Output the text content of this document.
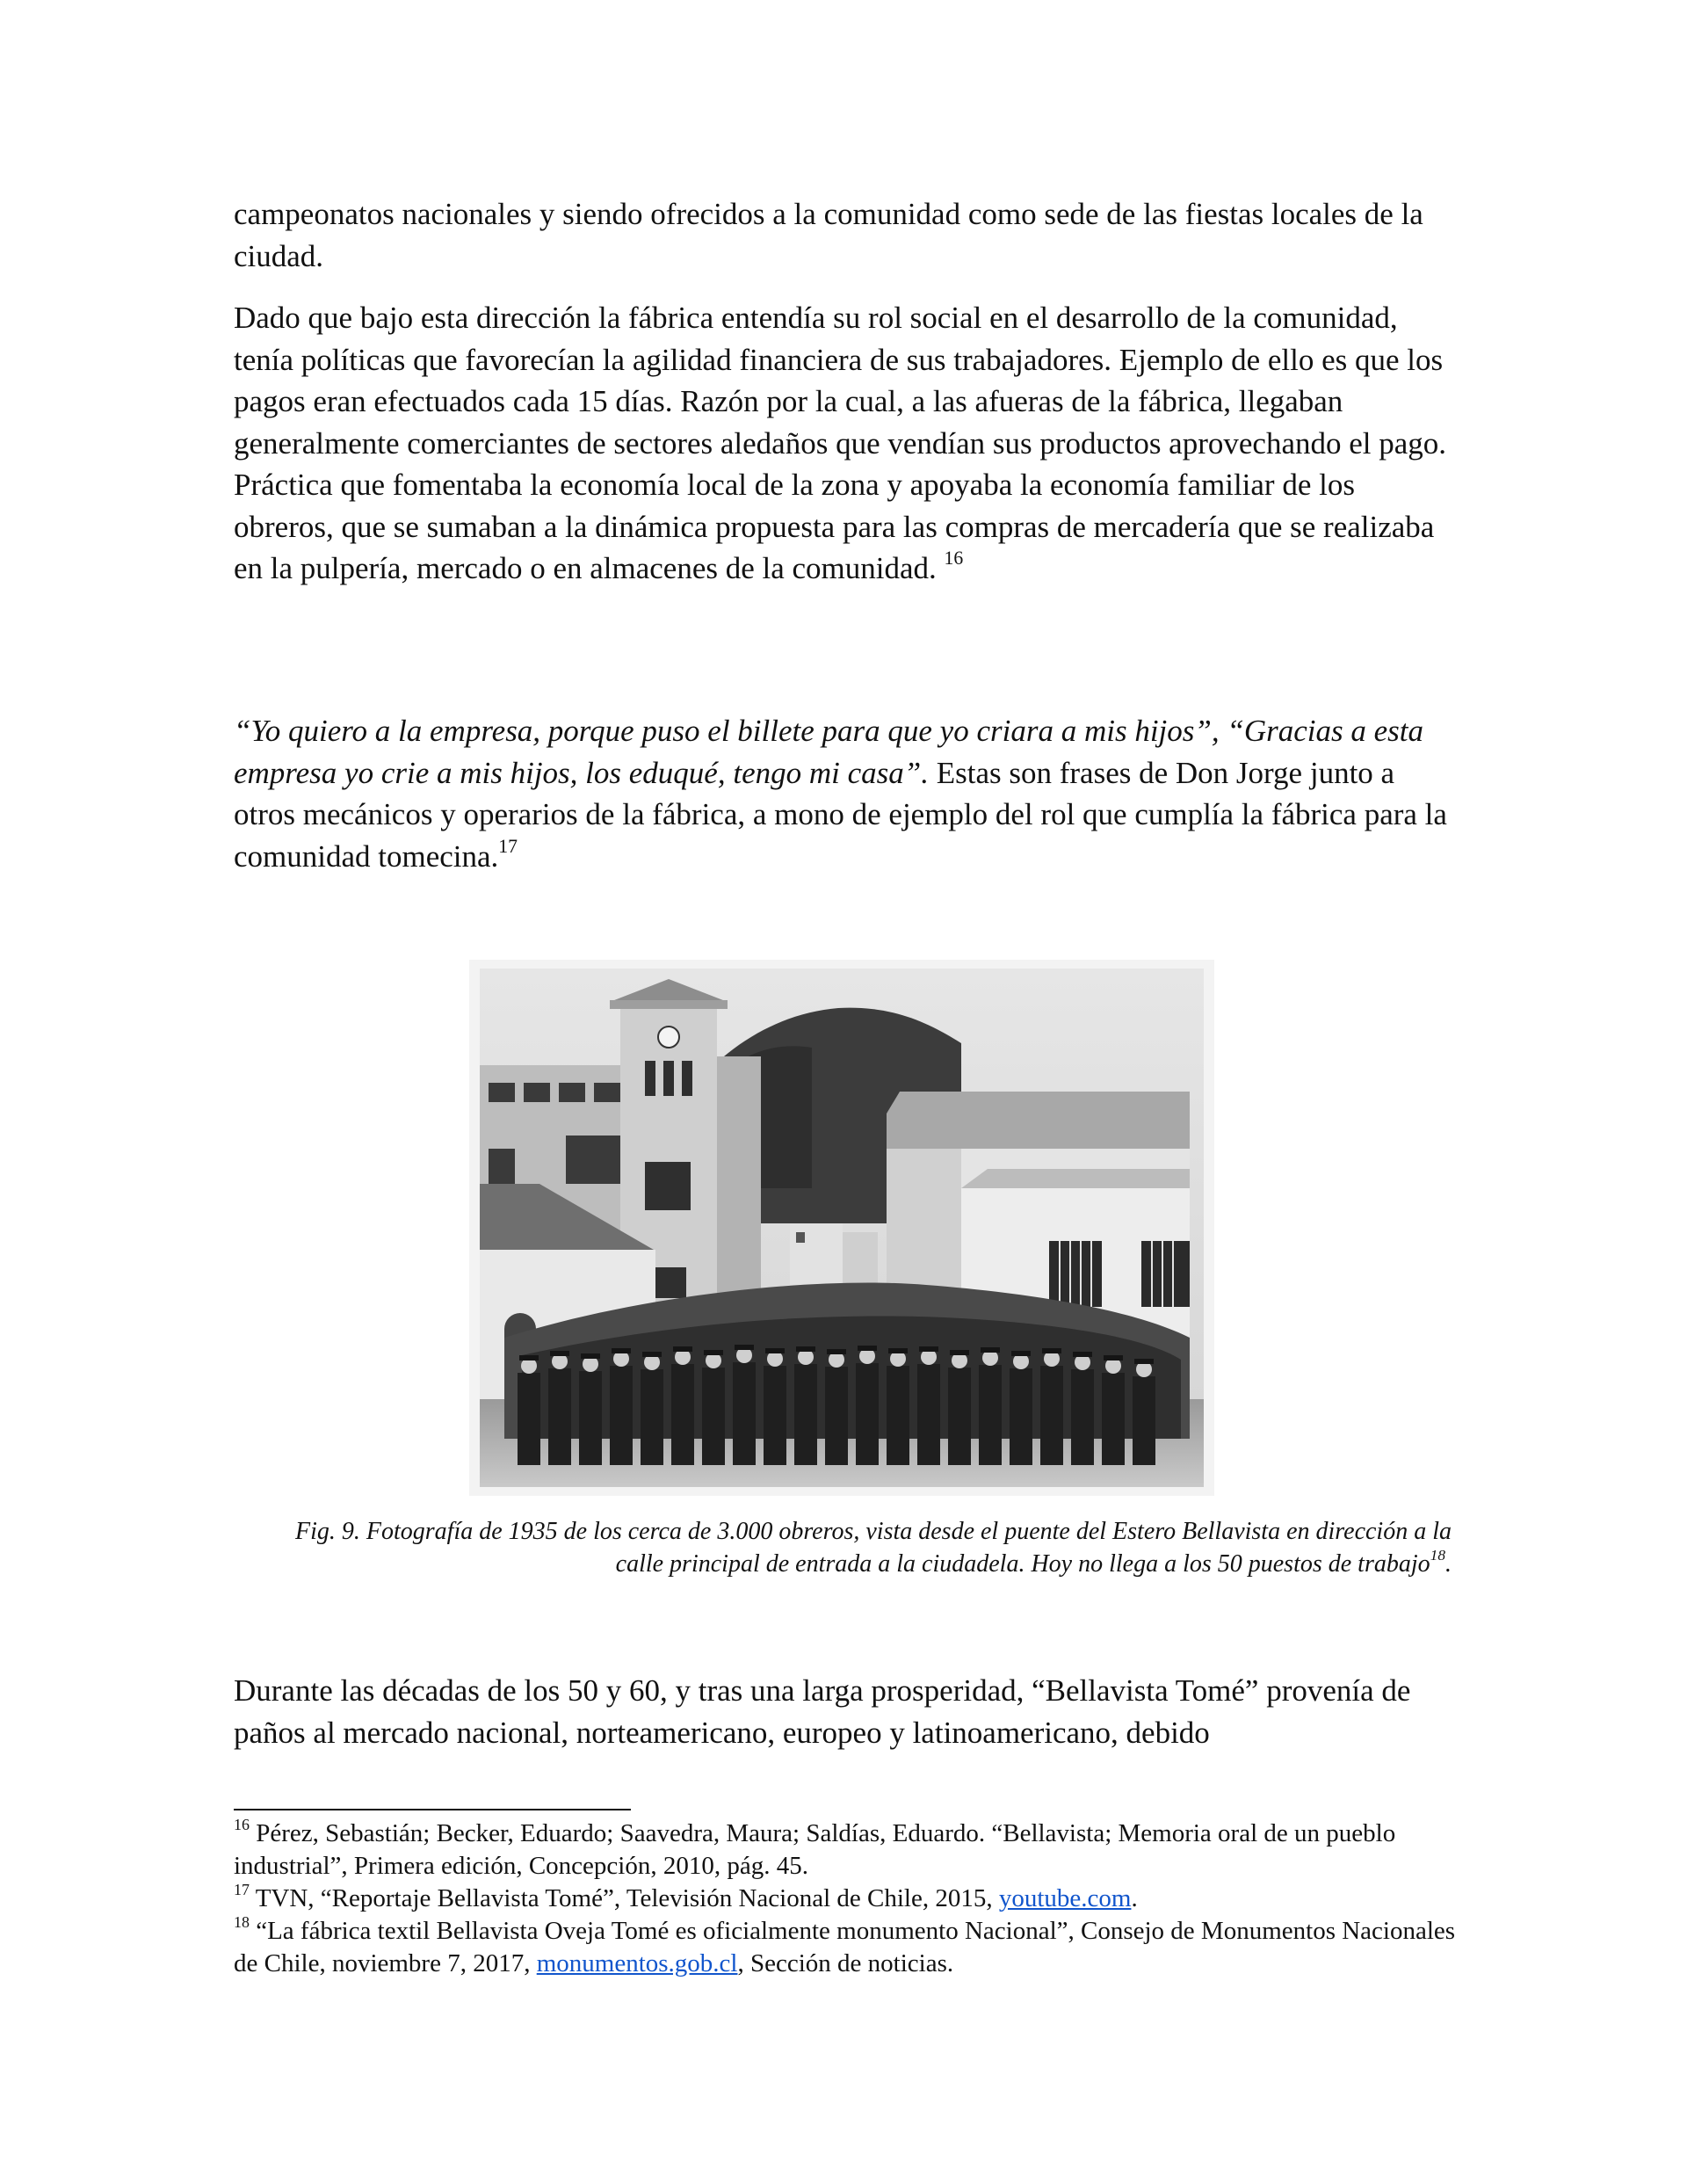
campeonatos nacionales y siendo ofrecidos a la comunidad como sede de las fiestas locales de la ciudad.

Dado que bajo esta dirección la fábrica entendía su rol social en el desarrollo de la comunidad, tenía políticas que favorecían la agilidad financiera de sus trabajadores. Ejemplo de ello es que los pagos eran efectuados cada 15 días. Razón por la cual, a las afueras de la fábrica, llegaban generalmente comerciantes de sectores aledaños que vendían sus productos aprovechando el pago. Práctica que fomentaba la economía local de la zona y apoyaba la economía familiar de los obreros, que se sumaban a la dinámica propuesta para las compras de mercadería que se realizaba en la pulpería, mercado o en almacenes de la comunidad. $^{16}$

“Yo quiero a la empresa, porque puso el billete para que yo criara a mis hijos”, “Gracias a esta empresa yo crie a mis hijos, los eduqué, tengo mi casa”. Estas son frases de Don Jorge junto a otros mecánicos y operarios de la fábrica, a mono de ejemplo del rol que cumplía la fábrica para la comunidad tomecina.$^{17}$

Fig. 9. Fotografía de 1935 de los cerca de 3.000 obreros, vista desde el puente del Estero Bellavista en dirección a la calle principal de entrada a la ciudadela. Hoy no llega a los 50 puestos de trabajo$^{18}$.

Durante las décadas de los 50 y 60, y tras una larga prosperidad, “Bellavista Tomé” provenía de paños al mercado nacional, norteamericano, europeo y latinoamericano, debido

$^{16}$ Pérez, Sebastián; Becker, Eduardo; Saavedra, Maura; Saldías, Eduardo. “Bellavista; Memoria oral de un pueblo industrial”, Primera edición, Concepción, 2010, pág. 45.

$^{17}$ TVN, “Reportaje Bellavista Tomé”, Televisión Nacional de Chile, 2015, youtube.com.

$^{18}$ “La fábrica textil Bellavista Oveja Tomé es oficialmente monumento Nacional”, Consejo de Monumentos Nacionales de Chile, noviembre 7, 2017, monumentos.gob.cl, Sección de noticias.
